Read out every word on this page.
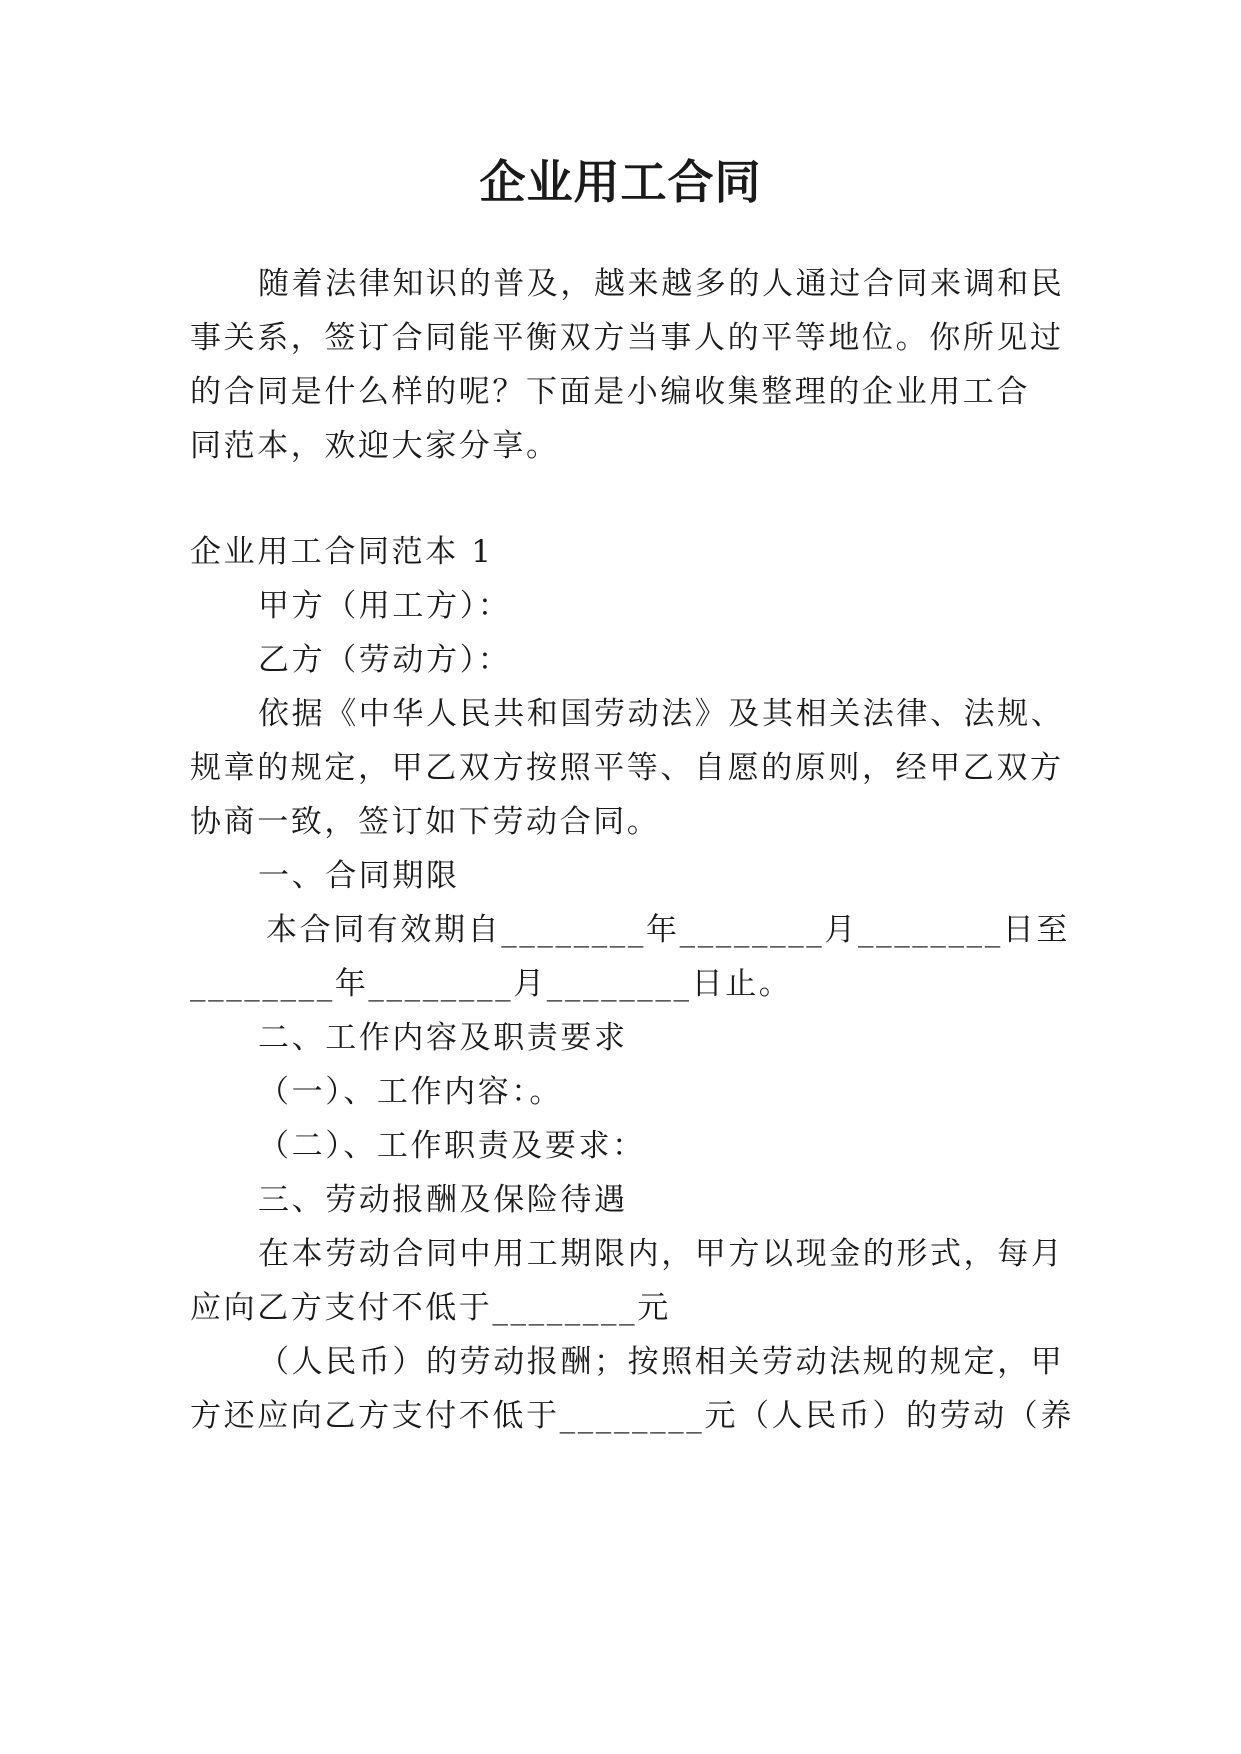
企业用工合同
随着法律知识的普及，越来越多的人通过合同来调和民
事关系，签订合同能平衡双方当事人的平等地位。你所见过
的合同是什么样的呢？下面是小编收集整理的企业用工合
同范本，欢迎大家分享。
企业用工合同范本 1
甲方（用工方）：
乙方（劳动方）：
依据《中华人民共和国劳动法》及其相关法律、法规、
规章的规定，甲乙双方按照平等、自愿的原则，经甲乙双方
协商一致，签订如下劳动合同。
一、合同期限
本合同有效期自________年________月________日至
________年________月________日止。
二、工作内容及职责要求
（一）、工作内容：。
（二）、工作职责及要求：
三、劳动报酬及保险待遇
在本劳动合同中用工期限内，甲方以现金的形式，每月
应向乙方支付不低于________元
（人民币）的劳动报酬；按照相关劳动法规的规定，甲
方还应向乙方支付不低于________元（人民币）的劳动（养
